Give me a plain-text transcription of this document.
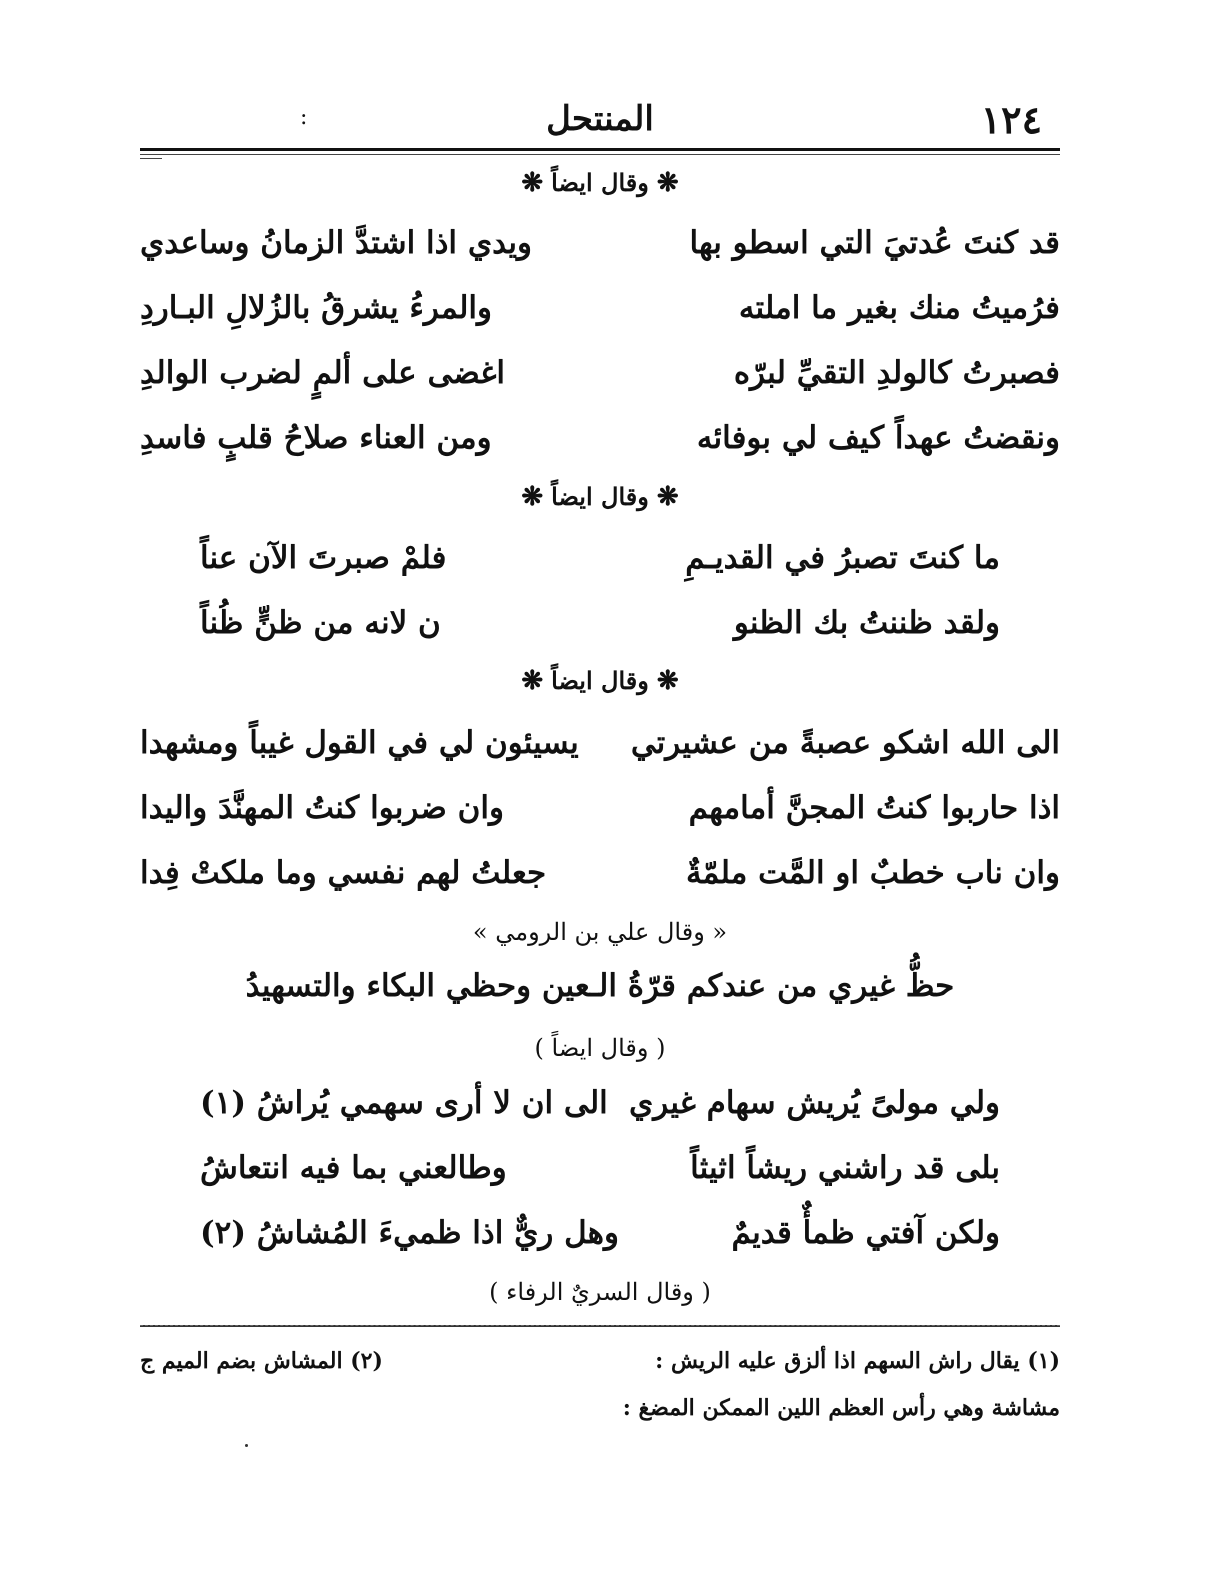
١٢٤
المنتحل
:
❋وقال ايضاً❋
قد كنتَ عُدتيَ التي اسطو بها
ويدي اذا اشتدَّ الزمانُ وساعدي
فرُميتُ منك بغير ما املته
والمرءُ يشرقُ بالزُلالِ البـاردِ
فصبرتُ كالولدِ التقيِّ لبرّه
اغضى على ألمٍ لضرب الوالدِ
ونقضتُ عهداً كيف لي بوفائه
ومن العناء صلاحُ قلبٍ فاسدِ
❋وقال ايضاً❋
ما كنتَ تصبرُ في القديـمِ
فلمْ صبرتَ الآن عناً
ولقد ظننتُ بك الظنو
ن لانه من ظنٍّ ظُناً
❋وقال ايضاً❋
الى الله اشكو عصبةً من عشيرتي
يسيئون لي في القول غيباً ومشهدا
اذا حاربوا كنتُ المجنَّ أمامهم
وان ضربوا كنتُ المهنَّدَ واليدا
وان ناب خطبٌ او المَّت ملمّةٌ
جعلتُ لهم نفسي وما ملكتْ فِدا
« وقال علي بن الرومي »
حظُّ غيري من عندكم قرّةُ الـعين وحظي البكاء والتسهيدُ
( وقال ايضاً )
ولي مولىً يُريش سهام غيري
الى ان لا أرى سهمي يُراشُ (١)
بلى قد راشني ريشاً اثيثاً
وطالعني بما فيه انتعاشُ
ولكن آفتي ظمأٌ قديمٌ
وهل ريٌّ اذا ظميءَ المُشاشُ (٢)
( وقال السريٌ الرفاء )
(١) يقال راش السهم اذا ألزق عليه الريش :
(٢) المشاش بضم الميم ج
مشاشة وهي رأس العظم اللين الممكن المضغ :
